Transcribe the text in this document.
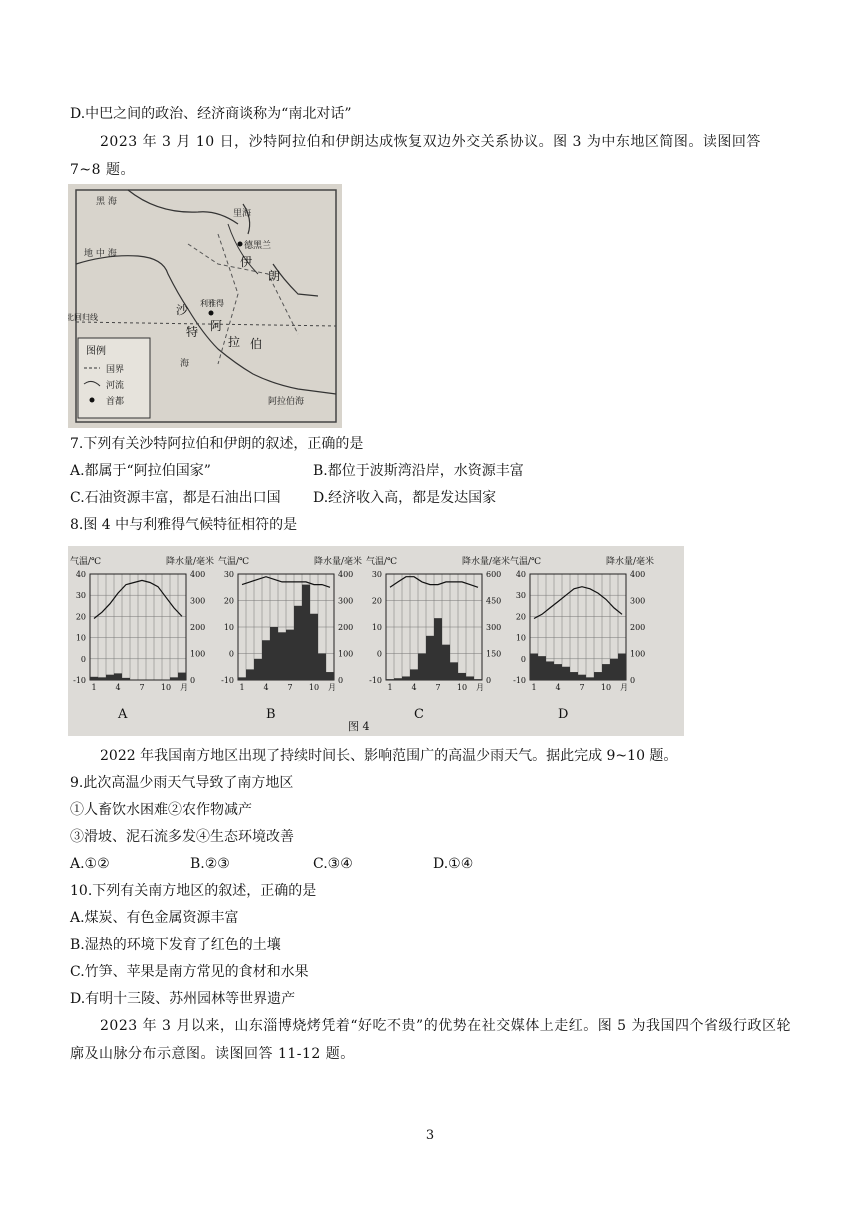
D.中巴之间的政治、经济商谈称为“南北对话”
2023 年 3 月 10 日，沙特阿拉伯和伊朗达成恢复双边外交关系协议。图 3 为中东地区简图。读图回答 7~8 题。
黑 海
里海
地 中 海
海
阿拉伯海
伊
朗
沙
特 阿
拉 伯
德黑兰
利雅得
北回归线
图例
国界
河流
首都
7.下列有关沙特阿拉伯和伊朗的叙述，正确的是
A.都属于“阿拉伯国家”	B.都位于波斯湾沿岸，水资源丰富
C.石油资源丰富，都是石油出口国 D.经济收入高，都是发达国家
8.图 4 中与利雅得气候特征相符的是
图 4
气温/℃	降水量/毫米
40
30
20
10
0
-10
400
300
200
100
0
1 4 7 10 月
A
气温/℃	降水量/毫米
30
20
10
0
-10
400
300
200
100
0
1 4 7 10 月
B
气温/℃	降水量/毫米
30
20
10
0
-10
600
450
300
150
0
1 4 7 10 月
C
气温/℃	降水量/毫米
40
30
20
10
0
-10
400
300
200
100
0
1 4 7 10 月
D
2022 年我国南方地区出现了持续时间长、影响范围广的高温少雨天气。据此完成 9~10 题。
9.此次高温少雨天气导致了南方地区
①人畜饮水困难②农作物减产
③滑坡、泥石流多发④生态环境改善
A.①②	B.②③	C.③④	D.①④
10.下列有关南方地区的叙述，正确的是
A.煤炭、有色金属资源丰富
B.湿热的环境下发育了红色的土壤
C.竹笋、苹果是南方常见的食材和水果
D.有明十三陵、苏州园林等世界遗产
2023 年 3 月以来，山东淄博烧烤凭着“好吃不贵”的优势在社交媒体上走红。图 5 为我国四个省级行政区轮廓及山脉分布示意图。读图回答 11-12 题。
3
